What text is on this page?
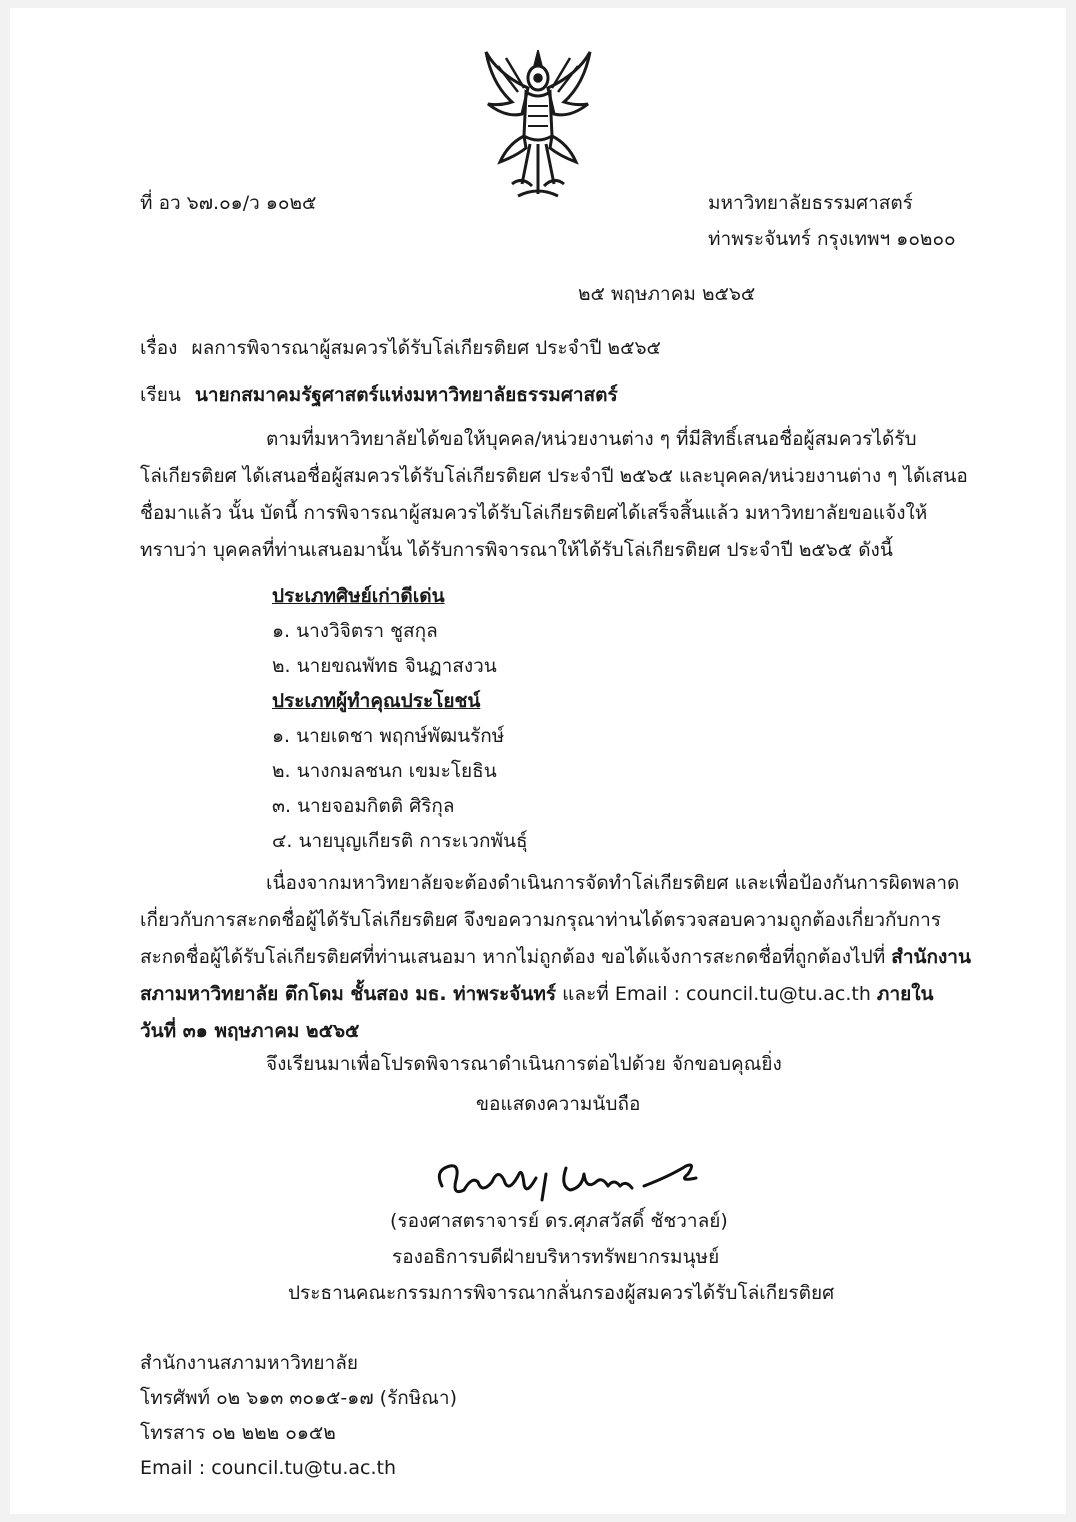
ที่ อว ๖๗.๐๑/ว ๑๐๒๕	มหาวิทยาลัยธรรมศาสตร์
ท่าพระจันทร์ กรุงเทพฯ ๑๐๒๐๐
๒๕ พฤษภาคม ๒๕๖๕
เรื่อง ผลการพิจารณาผู้สมควรได้รับโล่เกียรติยศ ประจำปี ๒๕๖๕
เรียน นายกสมาคมรัฐศาสตร์แห่งมหาวิทยาลัยธรรมศาสตร์
ตามที่มหาวิทยาลัยได้ขอให้บุคคล/หน่วยงานต่าง ๆ ที่มีสิทธิ์เสนอชื่อผู้สมควรได้รับ
โล่เกียรติยศ ได้เสนอชื่อผู้สมควรได้รับโล่เกียรติยศ ประจำปี ๒๕๖๕ และบุคคล/หน่วยงานต่าง ๆ ได้เสนอ
ชื่อมาแล้ว นั้น บัดนี้ การพิจารณาผู้สมควรได้รับโล่เกียรติยศได้เสร็จสิ้นแล้ว มหาวิทยาลัยขอแจ้งให้
ทราบว่า บุคคลที่ท่านเสนอมานั้น ได้รับการพิจารณาให้ได้รับโล่เกียรติยศ ประจำปี ๒๕๖๕ ดังนี้
ประเภทศิษย์เก่าดีเด่น
๑. นางวิจิตรา ชูสกุล
๒. นายขณพัทธ จินฏาสงวน
ประเภทผู้ทำคุณประโยชน์
๑. นายเดชา พฤกษ์พัฒนรักษ์
๒. นางกมลชนก เขมะโยธิน
๓. นายจอมกิตติ ศิริกุล
๔. นายบุญเกียรติ การะเวกพันธุ์
เนื่องจากมหาวิทยาลัยจะต้องดำเนินการจัดทำโล่เกียรติยศ และเพื่อป้องกันการผิดพลาด
เกี่ยวกับการสะกดชื่อผู้ได้รับโล่เกียรติยศ จึงขอความกรุณาท่านได้ตรวจสอบความถูกต้องเกี่ยวกับการ
สะกดชื่อผู้ได้รับโล่เกียรติยศที่ท่านเสนอมา หากไม่ถูกต้อง ขอได้แจ้งการสะกดชื่อที่ถูกต้องไปที่ สำนักงาน
สภามหาวิทยาลัย ตึกโดม ชั้นสอง มธ. ท่าพระจันทร์ และที่ Email : council.tu@tu.ac.th ภายใน
วันที่ ๓๑ พฤษภาคม ๒๕๖๕
จึงเรียนมาเพื่อโปรดพิจารณาดำเนินการต่อไปด้วย จักขอบคุณยิ่ง
ขอแสดงความนับถือ
(รองศาสตราจารย์ ดร.ศุภสวัสดิ์ ชัชวาลย์)
รองอธิการบดีฝ่ายบริหารทรัพยากรมนุษย์
ประธานคณะกรรมการพิจารณากลั่นกรองผู้สมควรได้รับโล่เกียรติยศ
สำนักงานสภามหาวิทยาลัย
โทรศัพท์ ๐๒ ๖๑๓ ๓๐๑๕-๑๗ (รักษิณา)
โทรสาร ๐๒ ๒๒๒ ๐๑๕๒
Email : council.tu@tu.ac.th
